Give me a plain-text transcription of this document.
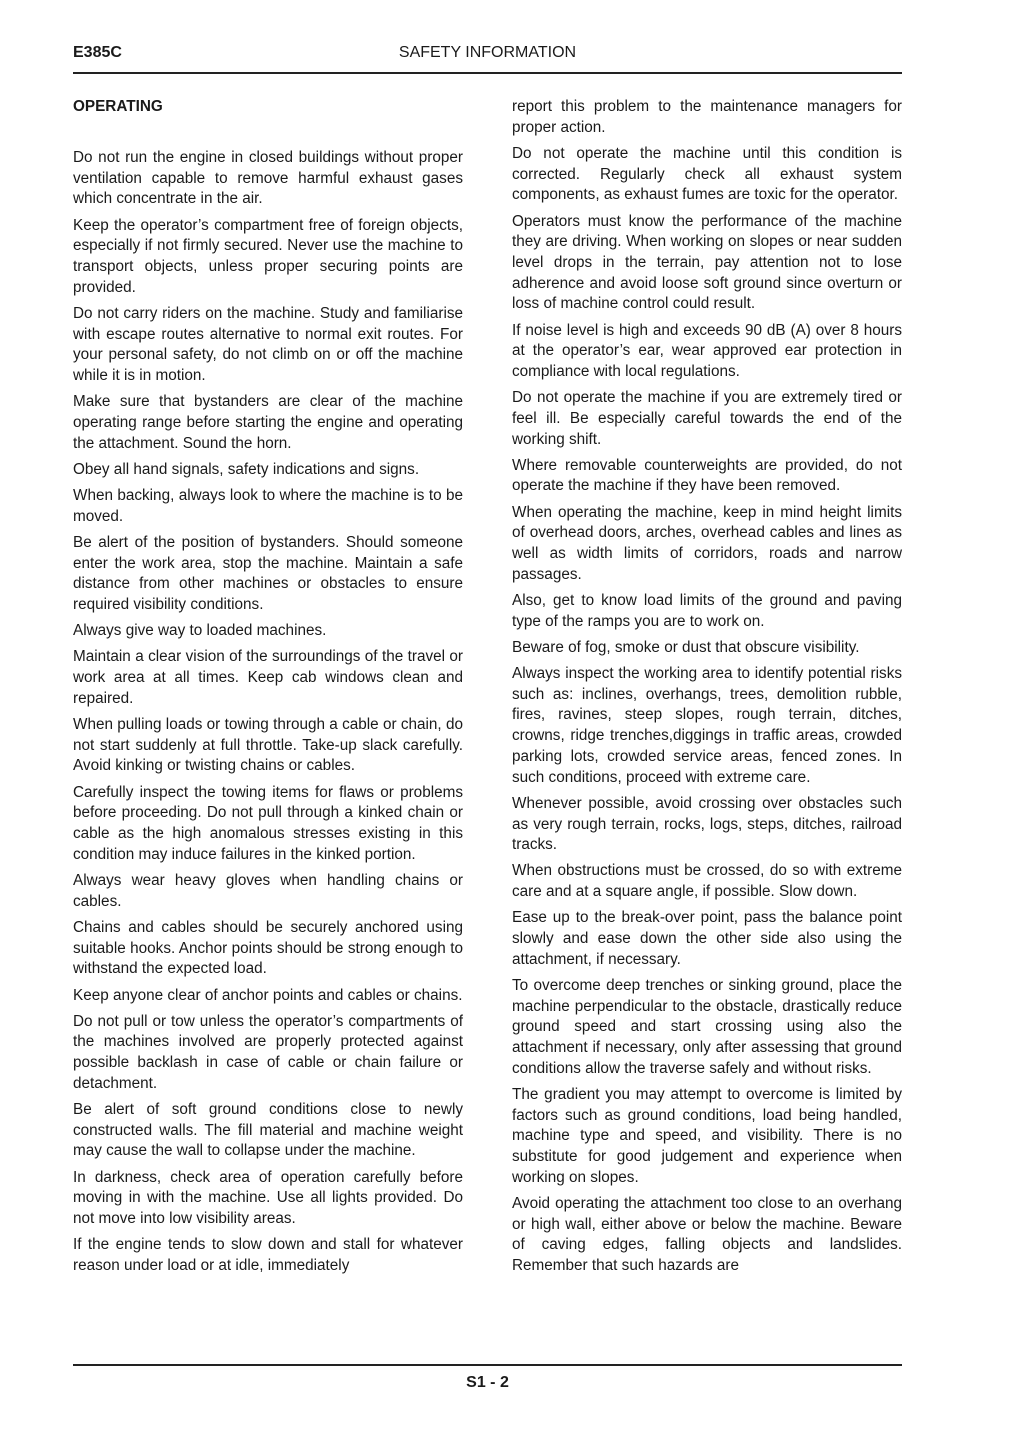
E385C	SAFETY INFORMATION
OPERATING

Do not run the engine in closed buildings without proper ventilation capable to remove harmful exhaust gases which concentrate in the air.

Keep the operator’s compartment free of foreign objects, especially if not firmly secured. Never use the machine to transport objects, unless proper securing points are provided.

Do not carry riders on the machine. Study and familiarise with escape routes alternative to normal exit routes. For your personal safety, do not climb on or off the machine while it is in motion.

Make sure that bystanders are clear of the machine operating range before starting the engine and operating the attachment. Sound the horn.

Obey all hand signals, safety indications and signs.

When backing, always look to where the machine is to be moved.

Be alert of the position of bystanders. Should someone enter the work area, stop the machine. Maintain a safe distance from other machines or obstacles to ensure required visibility conditions.

Always give way to loaded machines.

Maintain a clear vision of the surroundings of the travel or work area at all times. Keep cab windows clean and repaired.

When pulling loads or towing through a cable or chain, do not start suddenly at full throttle. Take-up slack carefully. Avoid kinking or twisting chains or cables.

Carefully inspect the towing items for flaws or problems before proceeding. Do not pull through a kinked chain or cable as the high anomalous stresses existing in this condition may induce failures in the kinked portion.

Always wear heavy gloves when handling chains or cables.

Chains and cables should be securely anchored using suitable hooks. Anchor points should be strong enough to withstand the expected load.

Keep anyone clear of anchor points and cables or chains.

Do not pull or tow unless the operator’s compartments of the machines involved are properly protected against possible backlash in case of cable or chain failure or detachment.

Be alert of soft ground conditions close to newly constructed walls. The fill material and machine weight may cause the wall to collapse under the machine.

In darkness, check area of operation carefully before moving in with the machine. Use all lights provided. Do not move into low visibility areas.

If the engine tends to slow down and stall for whatever reason under load or at idle, immediately

report this problem to the maintenance managers for proper action.

Do not operate the machine until this condition is corrected. Regularly check all exhaust system components, as exhaust fumes are toxic for the operator.

Operators must know the performance of the machine they are driving. When working on slopes or near sudden level drops in the terrain, pay attention not to lose adherence and avoid loose soft ground since overturn or loss of machine control could result.

If noise level is high and exceeds 90 dB (A) over 8 hours at the operator’s ear, wear approved ear protection in compliance with local regulations.

Do not operate the machine if you are extremely tired or feel ill. Be especially careful towards the end of the working shift.

Where removable counterweights are provided, do not operate the machine if they have been removed.

When operating the machine, keep in mind height limits of overhead doors, arches, overhead cables and lines as well as width limits of corridors, roads and narrow passages.

Also, get to know load limits of the ground and paving type of the ramps you are to work on.

Beware of fog, smoke or dust that obscure visibility.

Always inspect the working area to identify potential risks such as: inclines, overhangs, trees, demolition rubble, fires, ravines, steep slopes, rough terrain, ditches, crowns, ridge trenches,diggings in traffic areas, crowded parking lots, crowded service areas, fenced zones. In such conditions, proceed with extreme care.

Whenever possible, avoid crossing over obstacles such as very rough terrain, rocks, logs, steps, ditches, railroad tracks.

When obstructions must be crossed, do so with extreme care and at a square angle, if possible. Slow down.

Ease up to the break-over point, pass the balance point slowly and ease down the other side also using the attachment, if necessary.

To overcome deep trenches or sinking ground, place the machine perpendicular to the obstacle, drastically reduce ground speed and start crossing using also the attachment if necessary, only after assessing that ground conditions allow the traverse safely and without risks.

The gradient you may attempt to overcome is limited by factors such as ground conditions, load being handled, machine type and speed, and visibility. There is no substitute for good judgement and experience when working on slopes.

Avoid operating the attachment too close to an overhang or high wall, either above or below the machine. Beware of caving edges, falling objects and landslides. Remember that such hazards are

S1 - 2
